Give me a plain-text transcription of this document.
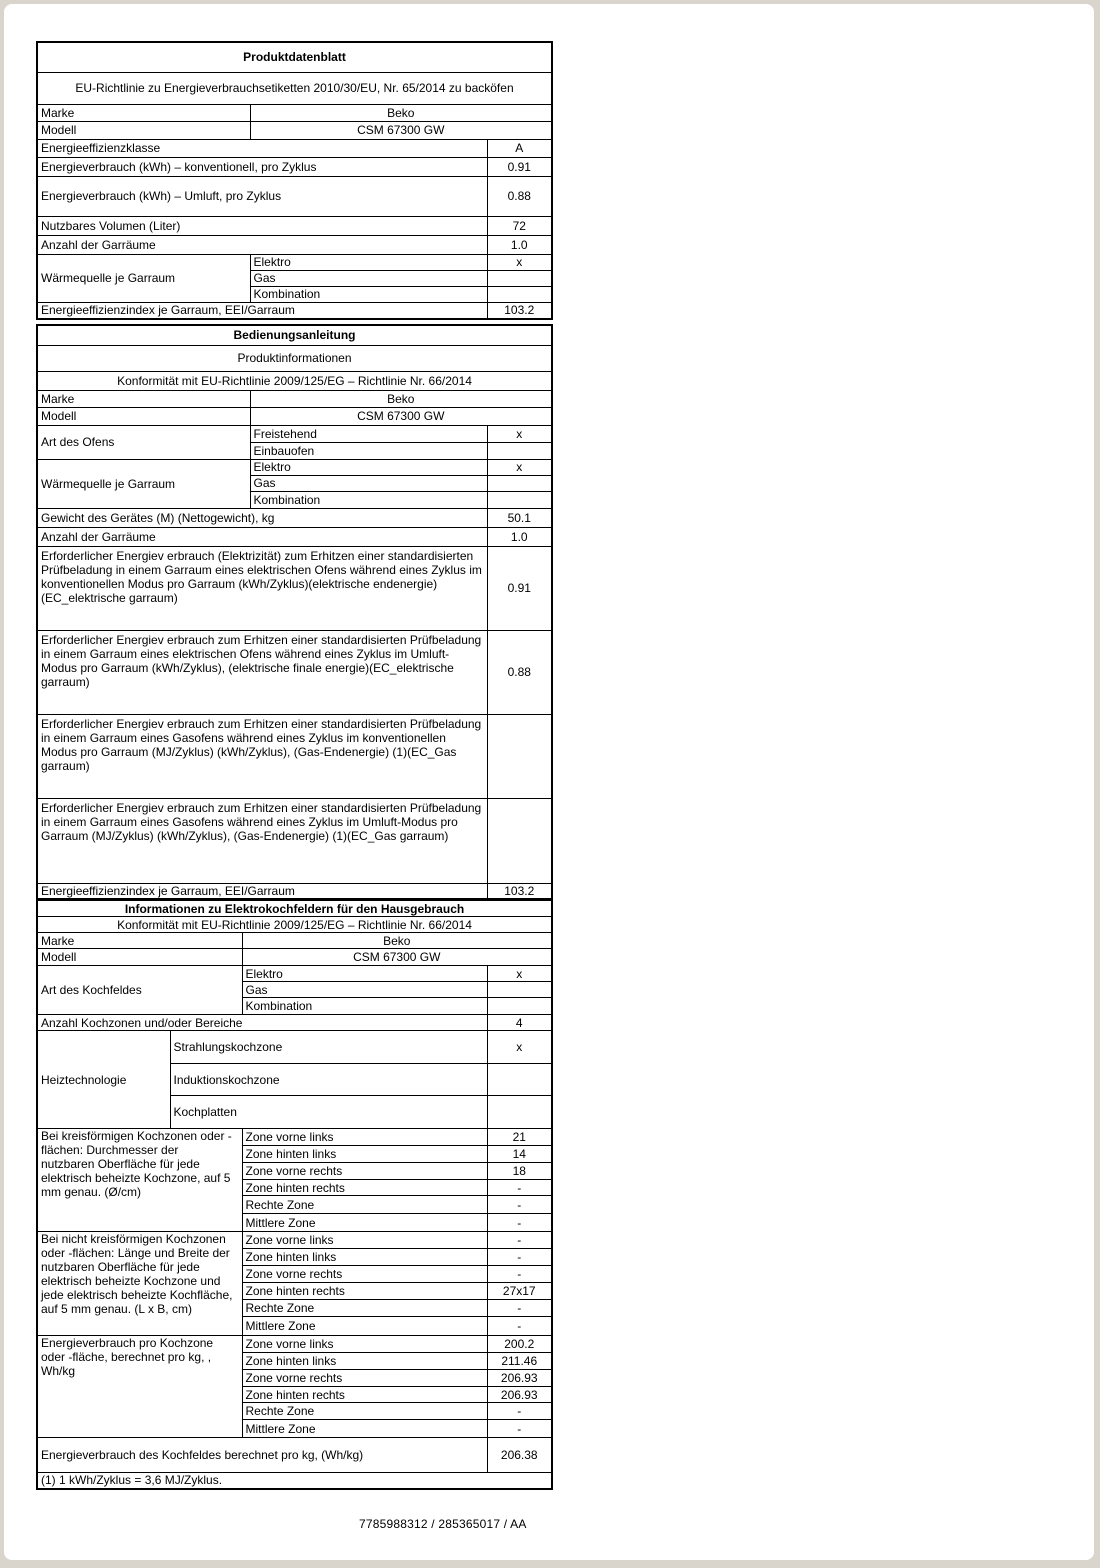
Produktdatenblatt		
EU-Richtlinie zu Energieverbrauchsetiketten 2010/30/EU, Nr. 65/2014 zu backöfen		
Marke	Beko	
Modell	CSM 67300 GW	
Energieeffizienzklasse		A
Energieverbrauch (kWh) – konventionell, pro Zyklus		0.91
Energieverbrauch (kWh) – Umluft, pro Zyklus		0.88
Nutzbares Volumen (Liter)		72
Anzahl der Garräume		1.0
Wärmequelle je Garraum	Elektro	x
	Gas	
	Kombination	
Energieeffizienzindex je Garraum, EEI/Garraum		103.2
Bedienungsanleitung		
Produktinformationen		
Konformität mit EU-Richtlinie 2009/125/EG – Richtlinie Nr. 66/2014		
Marke	Beko	
Modell	CSM 67300 GW	
Art des Ofens	Freistehend	x
	Einbauofen	
Wärmequelle je Garraum	Elektro	x
	Gas	
	Kombination	
Gewicht des Gerätes (M) (Nettogewicht), kg		50.1
Anzahl der Garräume		1.0
Erforderlicher Energiev erbrauch (Elektrizität) zum Erhitzen einer standardisierten Prüfbeladung in einem Garraum eines elektrischen Ofens während eines Zyklus im konventionellen Modus pro Garraum (kWh/Zyklus)(elektrische endenergie)(EC_elektrische garraum)		0.91
Erforderlicher Energiev erbrauch zum Erhitzen einer standardisierten Prüfbeladung in einem Garraum eines elektrischen Ofens während eines Zyklus im Umluft-Modus pro Garraum (kWh/Zyklus), (elektrische finale energie)(EC_elektrische garraum)		0.88
Erforderlicher Energiev erbrauch zum Erhitzen einer standardisierten Prüfbeladung in einem Garraum eines Gasofens während eines Zyklus im konventionellen Modus pro Garraum (MJ/Zyklus) (kWh/Zyklus), (Gas-Endenergie) (1)(EC_Gas garraum)		
Erforderlicher Energiev erbrauch zum Erhitzen einer standardisierten Prüfbeladung in einem Garraum eines Gasofens während eines Zyklus im Umluft-Modus pro Garraum (MJ/Zyklus) (kWh/Zyklus), (Gas-Endenergie) (1)(EC_Gas garraum)		
Energieeffizienzindex je Garraum, EEI/Garraum		103.2
Informationen zu Elektrokochfeldern für den Hausgebrauch			
Konformität mit EU-Richtlinie 2009/125/EG – Richtlinie Nr. 66/2014			
Marke		Beko	
Modell		CSM 67300 GW	
Art des Kochfeldes		Elektro	x
		Gas	
		Kombination	
Anzahl Kochzonen und/oder Bereiche			4
Heiztechnologie	Strahlungskochzone		x
	Induktionskochzone		
	Kochplatten		
Bei kreisförmigen Kochzonen oder -flächen: Durchmesser der nutzbaren Oberfläche für jede elektrisch beheizte Kochzone, auf 5 mm genau. (Ø/cm)		Zone vorne links	21
		Zone hinten links	14
		Zone vorne rechts	18
		Zone hinten rechts	-
		Rechte Zone	-
		Mittlere Zone	-
Bei nicht kreisförmigen Kochzonen oder -flächen: Länge und Breite der nutzbaren Oberfläche für jede elektrisch beheizte Kochzone und jede elektrisch beheizte Kochfläche, auf 5 mm genau. (L x B, cm)		Zone vorne links	-
		Zone hinten links	-
		Zone vorne rechts	-
		Zone hinten rechts	27x17
		Rechte Zone	-
		Mittlere Zone	-
Energieverbrauch pro Kochzone oder -fläche, berechnet pro kg, , Wh/kg		Zone vorne links	200.2
		Zone hinten links	211.46
		Zone vorne rechts	206.93
		Zone hinten rechts	206.93
		Rechte Zone	-
		Mittlere Zone	-
Energieverbrauch des Kochfeldes berechnet pro kg, (Wh/kg)			206.38
(1) 1 kWh/Zyklus = 3,6 MJ/Zyklus.			
7785988312 / 285365017 / AA
